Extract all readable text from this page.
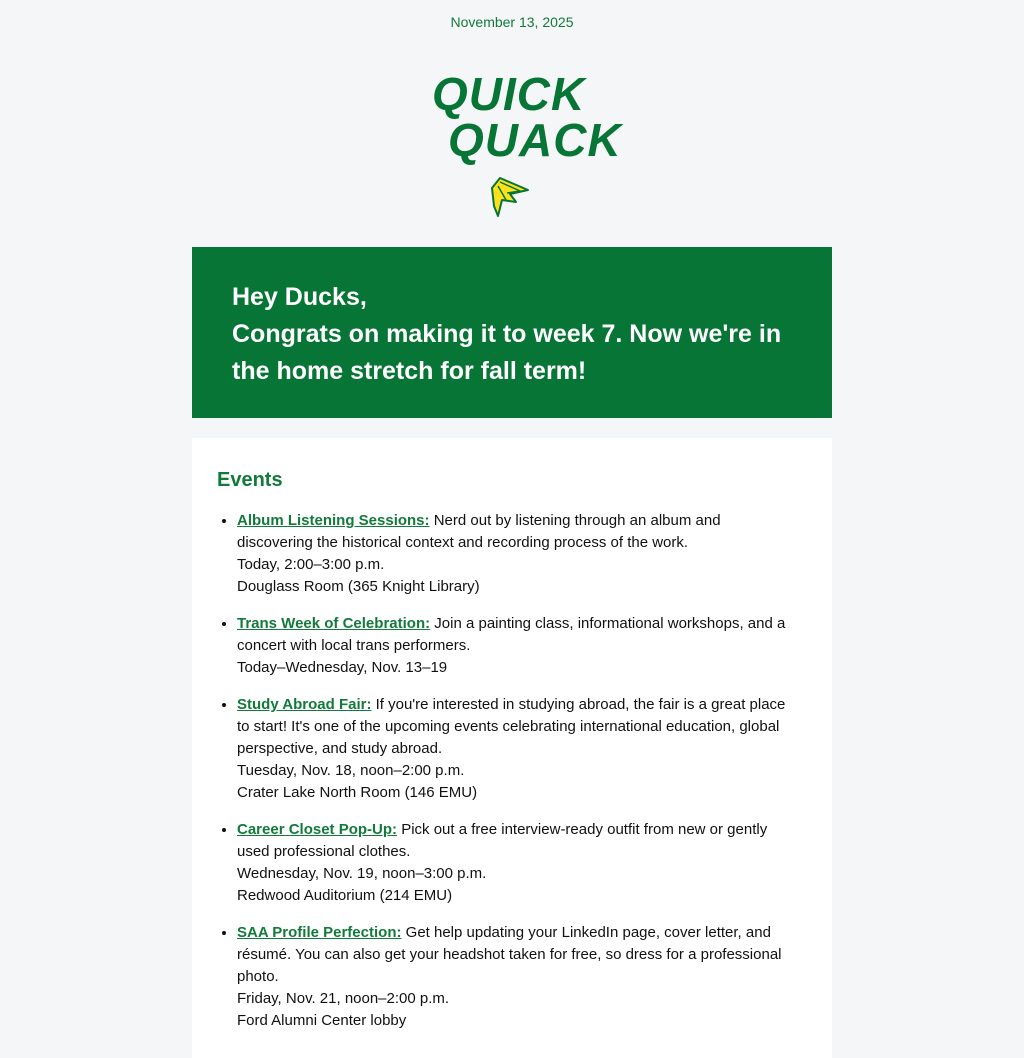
November 13, 2025
QUICK
QUACK
Hey Ducks,
Congrats on making it to week 7. Now we're in
the home stretch for fall term!
Events
• Album Listening Sessions: Nerd out by listening through an album and discovering the historical context and recording process of the work.
Today, 2:00–3:00 p.m.
Douglass Room (365 Knight Library)
• Trans Week of Celebration: Join a painting class, informational workshops, and a concert with local trans performers.
Today–Wednesday, Nov. 13–19
• Study Abroad Fair: If you're interested in studying abroad, the fair is a great place to start! It's one of the upcoming events celebrating international education, global perspective, and study abroad.
Tuesday, Nov. 18, noon–2:00 p.m.
Crater Lake North Room (146 EMU)
• Career Closet Pop-Up: Pick out a free interview-ready outfit from new or gently used professional clothes.
Wednesday, Nov. 19, noon–3:00 p.m.
Redwood Auditorium (214 EMU)
• SAA Profile Perfection: Get help updating your LinkedIn page, cover letter, and résumé. You can also get your headshot taken for free, so dress for a professional photo.
Friday, Nov. 21, noon–2:00 p.m.
Ford Alumni Center lobby
